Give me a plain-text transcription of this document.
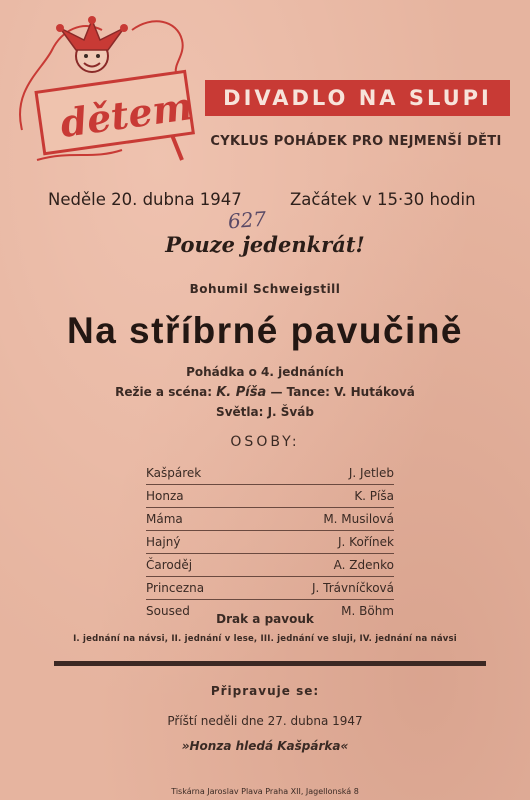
dětem	DIVADLO NA SLUPI
CYKLUS POHÁDEK PRO NEJMENŠÍ DĚTI
Neděle 20. dubna 1947	Začátek v 15·30 hodin
627
Pouze jedenkrát!
Bohumil Schweigstill
Na stříbrné pavučině
Pohádka o 4. jednáních
Režie a scéna: K. Píša — Tance: V. Hutáková
Světla: J. Šváb
OSOBY:
Kašpárek	J. Jetleb
Honza	K. Píša
Máma	M. Musilová
Hajný	J. Kořínek
Čaroděj	A. Zdenko
Princezna	J. Trávníčková
Soused	M. Böhm
Drak a pavouk
I. jednání na návsi, II. jednání v lese, III. jednání ve sluji, IV. jednání na návsi
Připravuje se:
Příští neděli dne 27. dubna 1947
»Honza hledá Kašpárka«
Tiskárna Jaroslav Plava Praha XII, Jagellonská 8
